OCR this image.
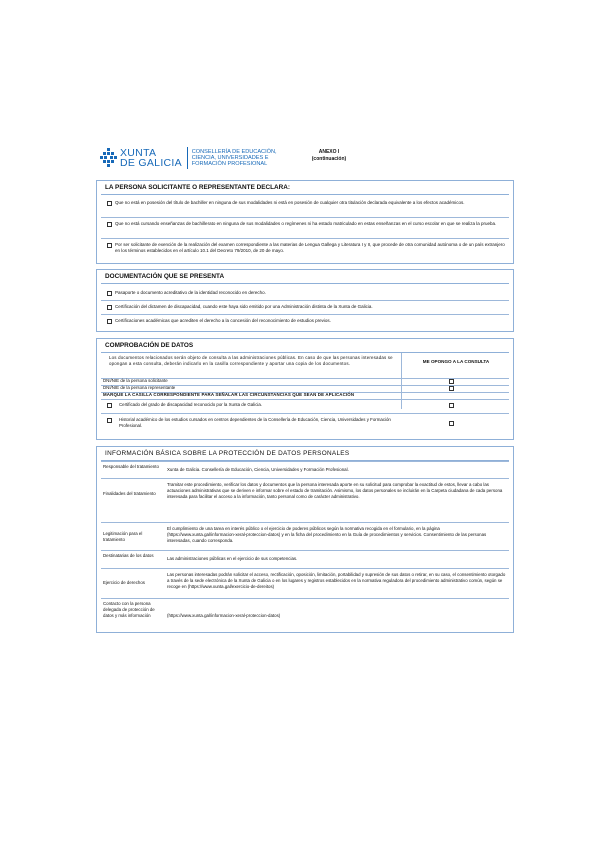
XUNTA
DE GALICIA
CONSELLERÍA DE EDUCACIÓN,
CIENCIA, UNIVERSIDADES E
FORMACIÓN PROFESIONAL
ANEXO I
(continuación)
LA PERSONA SOLICITANTE O REPRESENTANTE DECLARA:
Que no está en posesión del título de bachiller en ninguna de sus modalidades ni está en posesión de cualquier otra titulación declarada equivalente a los efectos académicos.
Que no está cursando enseñanzas de bachillerato en ninguna de sus modalidades o regímenes ni ha estado matriculado en estas enseñanzas en el curso escolar en que se realiza la prueba.
Por ser solicitante de exención de la realización del examen correspondiente a las materias de Lengua Gallega y Literatura I y II, que procede de otra comunidad autónoma o de un país extranjero en los términos establecidos en el artículo 10.1 del Decreto 79/2010, de 20 de mayo.
DOCUMENTACIÓN QUE SE PRESENTA
Pasaporte o documento acreditativo de la identidad reconocido en derecho.
Certificación del dictamen de discapacidad, cuando este haya sido emitido por una Administración distinta de la Xunta de Galicia.
Certificaciones académicas que acrediten el derecho a la concesión del reconocimiento de estudios previos.
COMPROBACIÓN DE DATOS
Los documentos relacionados serán objeto de consulta a las administraciones públicas. En caso de que las personas interesadas se opongan a esta consulta, deberán indicarlo en la casilla correspondiente y aportar una copia de los documentos.	ME OPONGO A LA CONSULTA
DNI/NIE de la persona solicitante
DNI/NIE de la persona representante
MARQUE LA CASILLA CORRESPONDIENTE PARA SEÑALAR LAS CIRCUNSTANCIAS QUE SEAN DE APLICACIÓN
Certificado del grado de discapacidad reconocido por la Xunta de Galicia.
Historial académico de los estudios cursados en centros dependientes de la Consellería de Educación, Ciencia, Universidades y Formación Profesional.
INFORMACIÓN BÁSICA SOBRE LA PROTECCIÓN DE DATOS PERSONALES
Responsable del tratamiento
Xunta de Galicia. Consellería de Educación, Ciencia, Universidades y Formación Profesional.
Finalidades del tratamiento
Tramitar este procedimiento, verificar los datos y documentos que la persona interesada aporte en su solicitud para comprobar la exactitud de estos, llevar a cabo las actuaciones administrativas que se deriven e informar sobre el estado de tramitación. Asimismo, los datos personales se incluirán en la Carpeta ciudadana de cada persona interesada para facilitar el acceso a la información, tanto personal como de carácter administrativo.
Legitimación para el tratamiento
El cumplimiento de una tarea en interés público o el ejercicio de poderes públicos según la normativa recogida en el formulario, en la página (https://www.xunta.gal/informacion-xeral-proteccion-datos) y en la ficha del procedimiento en la Guía de procedimientos y servicios. Consentimiento de las personas interesadas, cuando corresponda.
Destinatarias de los datos
Las administraciones públicas en el ejercicio de sus competencias.
Ejercicio de derechos
Las personas interesadas podrán solicitar el acceso, rectificación, oposición, limitación, portabilidad y supresión de sus datos o retirar, en su caso, el consentimiento otorgado a través de la sede electrónica de la Xunta de Galicia o en los lugares y registros establecidos en la normativa reguladora del procedimiento administrativo común, según se recoge en (https://www.xunta.gal/exercicio-de-dereitos)
Contacto con la persona delegada de protección de datos y más información	(https://www.xunta.gal/informacion-xeral-proteccion-datos)
